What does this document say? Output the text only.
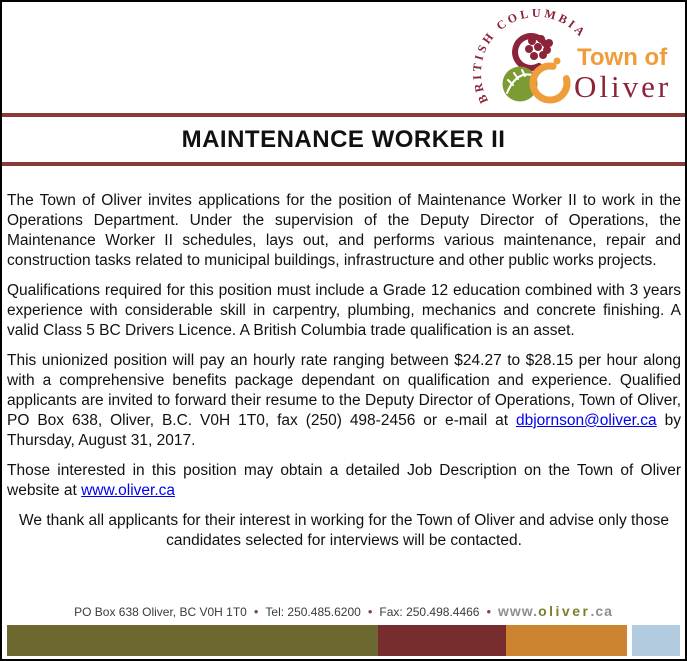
BRITISH COLUMBIA
Town of
Oliver
MAINTENANCE WORKER II

The Town of Oliver invites applications for the position of Maintenance Worker II to work in the Operations Department. Under the supervision of the Deputy Director of Operations, the Maintenance Worker II schedules, lays out, and performs various maintenance, repair and construction tasks related to municipal buildings, infrastructure and other public works projects.

Qualifications required for this position must include a Grade 12 education combined with 3 years experience with considerable skill in carpentry, plumbing, mechanics and concrete finishing. A valid Class 5 BC Drivers Licence. A British Columbia trade qualification is an asset.

This unionized position will pay an hourly rate ranging between $24.27 to $28.15 per hour along with a comprehensive benefits package dependant on qualification and experience. Qualified applicants are invited to forward their resume to the Deputy Director of Operations, Town of Oliver, PO Box 638, Oliver, B.C. V0H 1T0, fax (250) 498-2456 or e-mail at dbjornson@oliver.ca by Thursday, August 31, 2017.

Those interested in this position may obtain a detailed Job Description on the Town of Oliver website at www.oliver.ca

We thank all applicants for their interest in working for the Town of Oliver and advise only those candidates selected for interviews will be contacted.

PO Box 638 Oliver, BC V0H 1T0 • Tel: 250.485.6200 • Fax: 250.498.4466 • www.oliver.ca
